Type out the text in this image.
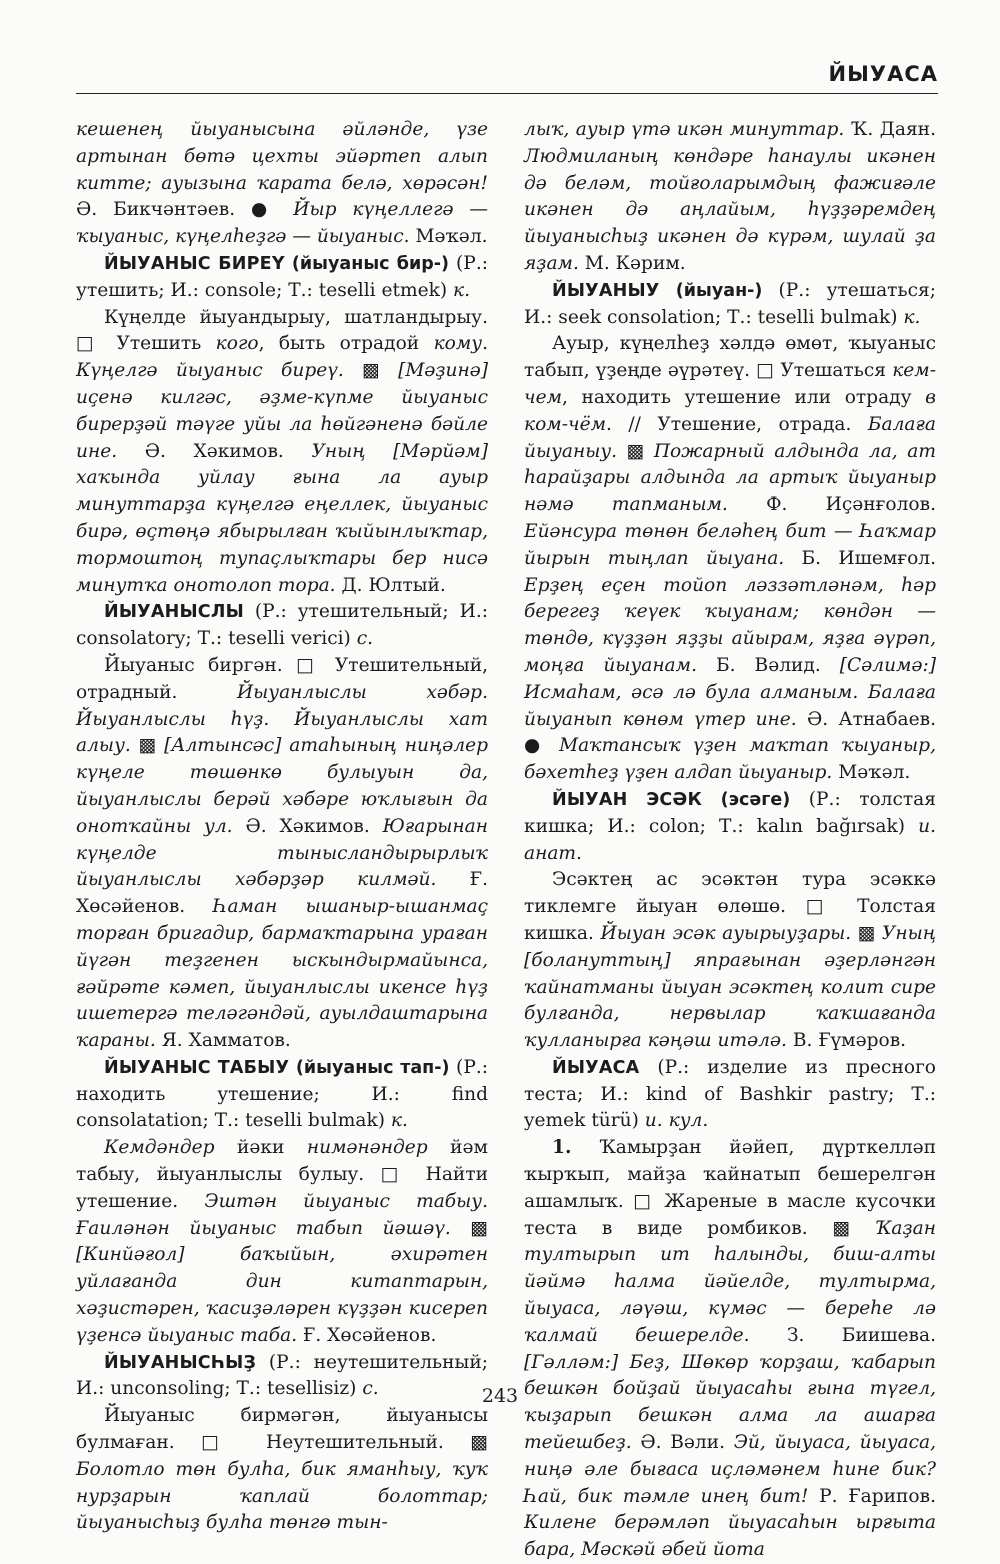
ЙЫУАСА

кешенең йыуанысына әйләнде, үзе артынан бөтә цехты эйәртеп алып китте; ауызына ҡарата белә, хөрәсән! Ә. Бикчәнтәев. ● Йыр күңеллегә — ҡыуаныс, күңелһеҙгә — йыуаныс. Мәҡәл.

ЙЫУАНЫС БИРЕҮ (йыуаныс бир-) (Р.: утешить; И.: console; Т.: teselli etmek) к.

Күңелде йыуандырыу, шатландырыу. □ Утешить кого, быть отрадой кому. Күңелгә йыуаныс биреү. ▩ [Мәҙинә] иҫенә килгәс, әҙме-күпме йыуаныс бирерҙәй тәүге уйы ла һөйгәненә бәйле ине. Ә. Хәкимов. Уның [Мәрйәм] хаҡында уйлау ғына ла ауыр минуттарҙа күңелгә еңеллек, йыуаныс бирә, өҫтөңә ябырылған ҡыйынлыҡтар, тормоштоң тупаҫлыҡтары бер нисә минутҡа онотолоп тора. Д. Юлтый.

ЙЫУАНЫСЛЫ (Р.: утешительный; И.: consolatory; Т.: teselli verici) с.

Йыуаныс биргән. □ Утешительный, отрадный. Йыуанлыслы хәбәр. Йыуанлыслы һүҙ. Йыуанлыслы хат алыу. ▩ [Алтынсәс] атаһының ниңәлер күңеле төшөнкө булыуын да, йыуанлыслы берәй хәбәре юҡлығын да онотҡайны ул. Ә. Хәкимов. Юғарынан күңелде тынысландырырлыҡ йыуанлыслы хәбәрҙәр килмәй. Ғ. Хөсәйенов. Һаман ышаныр-ышанмаҫ торған бригадир, бармаҡтарына ураған йүгән теҙгенен ыскындырмайынса, ғәйрәте кәмеп, йыуанлыслы икенсе һүҙ ишетергә теләгәндәй, ауылдаштарына ҡараны. Я. Хамматов.

ЙЫУАНЫС ТАБЫУ (йыуаныс тап-) (Р.: находить утешение; И.: find consolatation; Т.: teselli bulmak) к.

Кемдәндер йәки нимәнәндер йәм табыу, йыуанлыслы булыу. □ Найти утешение. Эштән йыуаныс табыу. Ғаиләнән йыуаныс табып йәшәү. ▩ [Кинйәғол] баҡыйын, әхирәтен уйлағанда дин китаптарын, хәҙистәрен, ҡасиҙәләрен күҙҙән кисереп үҙенсә йыуаныс таба. Ғ. Хөсәйенов.

ЙЫУАНЫСҺЫҘ (Р.: неутешительный; И.: unconsoling; Т.: tesellisiz) с.

Йыуаныс бирмәгән, йыуанысы булмаған. □ Неутешительный. ▩ Болотло төн булһа, бик яманһыу, ҡуҡ нурҙарын ҡаплай болоттар; йыуанысһыҙ булһа төнгө тын-

лыҡ, ауыр үтә икән минуттар. Ҡ. Даян. Людмиланың көндәре һанаулы икәнен дә беләм, тойғоларымдың фажиғәле икәнен дә аңлайым, һүҙҙәремдең йыуанысһыҙ икәнен дә күрәм, шулай ҙа яҙам. М. Кәрим.

ЙЫУАНЫУ (йыуан-) (Р.: утешаться; И.: seek consolation; Т.: teselli bulmak) к.

Ауыр, күңелһеҙ хәлдә өмөт, ҡыуаныс табып, үҙеңде әүрәтеү. □ Утешаться кем-чем, находить утешение или отраду в ком-чём. // Утешение, отрада. Балаға йыуаныу. ▩ Пожарный алдында ла, ат һарайҙары алдында ла артыҡ йыуаныр нәмә тапманым. Ф. Иҫәнғолов. Ейәнсура төнөн беләһең бит — Һаҡмар йырын тыңлап йыуана. Б. Ишемғол. Ерҙең еҫен тойоп ләззәтләнәм, һәр берегеҙ ҡеүек ҡыуанам; көндән — төндө, күҙҙән яҙҙы айырам, яҙға әүрәп, моңға йыуанам. Б. Вәлид. [Сәлимә:] Исмаһам, әсә лә була алманым. Балаға йыуанып көнөм үтер ине. Ә. Атнабаев. ● Маҡтансыҡ үҙен маҡтап ҡыуаныр, бәхетһеҙ үҙен алдап йыуаныр. Мәҡәл.

ЙЫУАН ЭСӘК (эсәге) (Р.: толстая кишка; И.: colon; Т.: kalın bağırsak) и. анат.

Эсәктең ас эсәктән тура эсәккә тиклемге йыуан өлөшө. □ Толстая кишка. Йыуан эсәк ауырыуҙары. ▩ Уның [болануттың] япрағынан әҙерләнгән ҡайнатманы йыуан эсәктең колит сире булғанда, нервылар ҡаҡшағанда ҡулланырға кәңәш итәлә. В. Ғүмәров.

ЙЫУАСА (Р.: изделие из пресного теста; И.: kind of Bashkir pastry; Т.: yemek türü) и. кул.

1. Ҡамырҙан йәйеп, дүрткелләп ҡырҡып, майҙа ҡайнатып бешерелгән ашамлыҡ. □ Жареные в масле кусочки теста в виде ромбиков. ▩ Ҡаҙан тултырып ит һалынды, биш-алты йәймә һалма йәйелде, тултырма, йыуаса, ләүәш, күмәс — береһе лә ҡалмай бешерелде. З. Биишева. [Гәлләм:] Беҙ, Шөкөр ҡорҙаш, ҡабарып бешкән бойҙай йыуасаһы ғына түгел, ҡыҙарып бешкән алма ла ашарға тейешбеҙ. Ә. Вәли. Эй, йыуаса, йыуаса, ниңә әле бығаса иҫләмәнем һине бик? Һай, бик тәмле инең бит! Р. Ғарипов. Килене берәмләп йыуасаһын ырғыта бара, Мәскәй әбей йота

243
